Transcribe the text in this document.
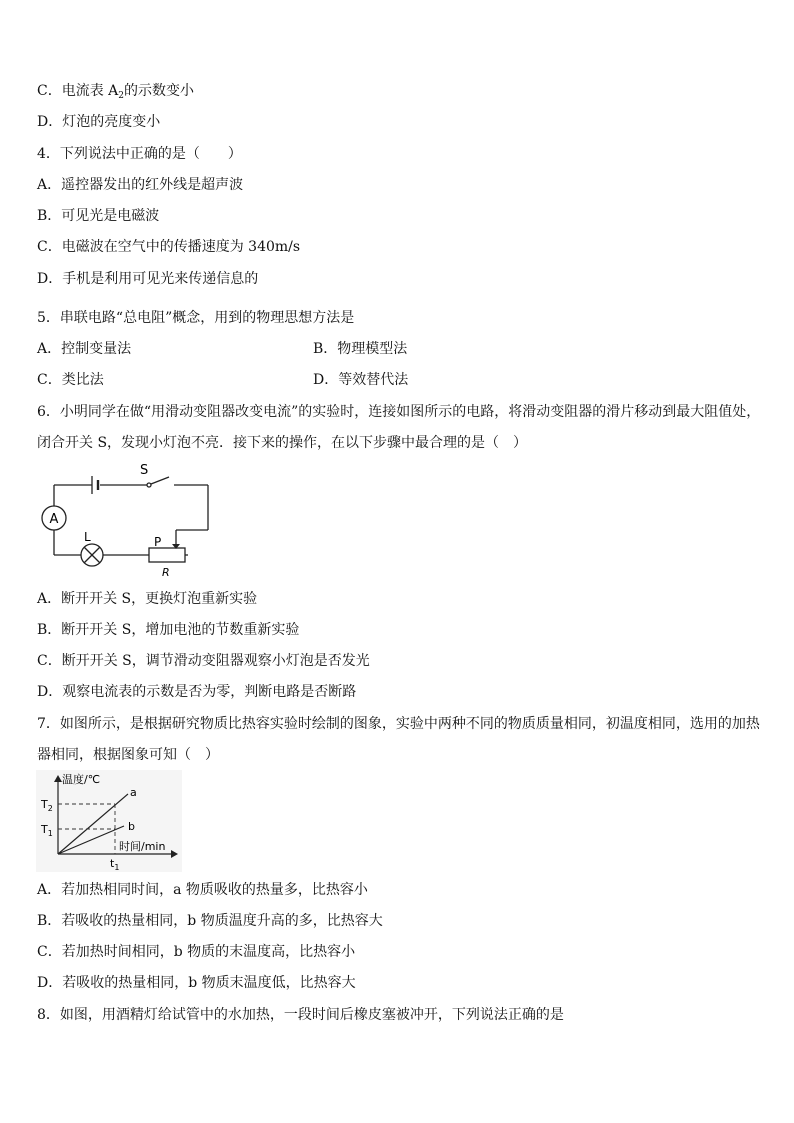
C．电流表 $A_2$的示数变小
D．灯泡的亮度变小
4．下列说法中正确的是（　　）
A．遥控器发出的红外线是超声波
B．可见光是电磁波
C．电磁波在空气中的传播速度为 340m/s
D．手机是利用可见光来传递信息的
5．串联电路“总电阻”概念，用到的物理思想方法是
A．控制变量法	B．物理模型法
C．类比法	D．等效替代法
6．小明同学在做“用滑动变阻器改变电流”的实验时，连接如图所示的电路，将滑动变阻器的滑片移动到最大阻值处，
闭合开关 S，发现小灯泡不亮．接下来的操作，在以下步骤中最合理的是（　）
A
L
S
P
R
A．断开开关 S，更换灯泡重新实验
B．断开开关 S，增加电池的节数重新实验
C．断开开关 S，调节滑动变阻器观察小灯泡是否发光
D．观察电流表的示数是否为零，判断电路是否断路
7．如图所示，是根据研究物质比热容实验时绘制的图象，实验中两种不同的物质质量相同，初温度相同，选用的加热
器相同，根据图象可知（　）
温度/℃
时间/min
$T_2$
$T_1$
$t_1$
a
b
A．若加热相同时间，a 物质吸收的热量多，比热容小
B．若吸收的热量相同，b 物质温度升高的多，比热容大
C．若加热时间相同，b 物质的末温度高，比热容小
D．若吸收的热量相同，b 物质末温度低，比热容大
8．如图，用酒精灯给试管中的水加热，一段时间后橡皮塞被冲开，下列说法正确的是
